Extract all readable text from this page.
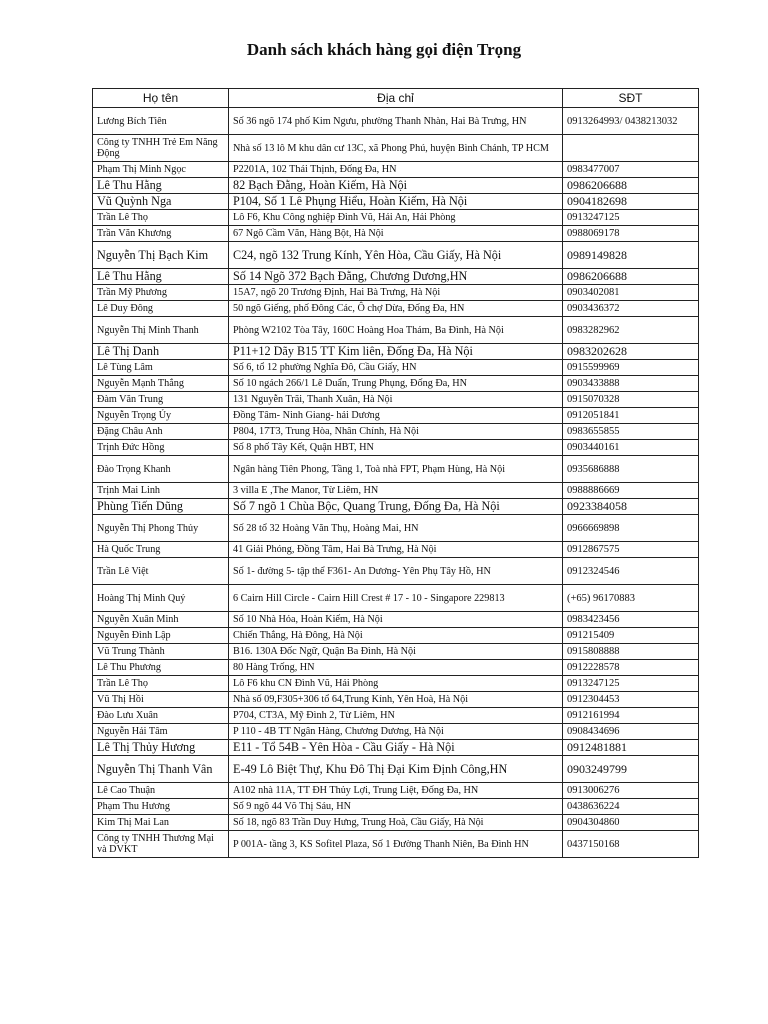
Danh sách khách hàng gọi điện Trọng
Họ tên	Địa chỉ	SĐT
Lương Bích Tiên	Số 36 ngõ 174 phố Kim Ngưu, phường Thanh Nhàn, Hai Bà Trưng, HN	0913264993/ 0438213032
Công ty TNHH Trẻ Em Năng Động	Nhà số 13 lô M khu dân cư 13C, xã Phong Phú, huyện Bình Chánh, TP HCM	
Phạm Thị Minh Ngọc	P2201A, 102 Thái Thịnh, Đống Đa, HN	0983477007
Lê Thu Hằng	82 Bạch Đằng, Hoàn Kiếm, Hà Nội	0986206688
Vũ Quỳnh Nga	P104, Số 1 Lê Phụng Hiểu, Hoàn Kiếm, Hà Nội	0904182698
Trần Lê Thọ	Lô F6, Khu Công nghiệp Đình Vũ, Hải An, Hải Phòng	0913247125
Trần Văn Khương	67 Ngõ Cầm Văn, Hàng Bột, Hà Nội	0988069178
Nguyễn Thị Bạch Kim	C24, ngõ 132 Trung Kính, Yên Hòa, Cầu Giấy, Hà Nội	0989149828
Lê Thu Hằng	Số 14 Ngõ 372 Bạch Đằng, Chương Dương,HN	0986206688
Trần Mỹ Phương	15A7, ngõ 20 Trương Định, Hai Bà Trưng, Hà Nội	0903402081
Lê Duy Đông	50 ngõ Giếng, phố Đông Các, Ô chợ Dừa, Đống Đa, HN	0903436372
Nguyễn Thị Minh Thanh	Phòng W2102 Tòa Tây, 160C Hoàng Hoa Thám, Ba Đình, Hà Nội	0983282962
Lê Thị Danh	P11+12 Dãy B15 TT Kim liên, Đống Đa, Hà Nội	0983202628
Lê Tùng Lâm	Số 6, tổ 12 phường Nghĩa Đô, Cầu Giấy, HN	0915599969
Nguyễn Mạnh Thắng	Số 10 ngách 266/1 Lê Duẩn, Trung Phụng, Đống Đa, HN	0903433888
Đàm Văn Trung	131 Nguyễn Trãi, Thanh Xuân, Hà Nội	0915070328
Nguyễn Trọng Ủy	Đồng Tâm- Ninh Giang- hải Dương	0912051841
Đặng Châu Anh	P804, 17T3, Trung Hòa, Nhân Chính, Hà Nội	0983655855
Trịnh Đức Hồng	Số 8 phố Tây Kết, Quận HBT, HN	0903440161
Đào Trọng Khanh	Ngân hàng Tiên Phong, Tầng 1, Toà nhà FPT, Phạm Hùng, Hà Nội	0935686888
Trịnh Mai Linh	3 villa E ,The Manor, Từ Liêm, HN	0988886669
Phùng Tiến Dũng	Số 7 ngõ 1 Chùa Bộc, Quang Trung, Đống Đa, Hà Nội	0923384058
Nguyễn Thị Phong Thủy	Số 28 tổ 32 Hoàng Văn Thụ, Hoàng Mai, HN	0966669898
Hà Quốc Trung	41 Giải Phóng, Đồng Tâm, Hai Bà Trưng, Hà Nội	0912867575
Trần Lê Việt	Số 1- đường 5- tập thể F361- An Dương- Yên Phụ Tây Hồ, HN	0912324546
Hoàng Thị Minh Quý	6 Cairn Hill Circle - Cairn Hill Crest # 17 - 10 - Singapore 229813	(+65) 96170883
Nguyễn Xuân Minh	Số 10 Nhà Hỏa, Hoàn Kiếm, Hà Nội	0983423456
Nguyễn Đình Lập	Chiến Thắng, Hà Đông, Hà Nội	091215409
Vũ Trung Thành	B16. 130A Đốc Ngữ, Quận Ba Đình, Hà Nội	0915808888
Lê Thu Phương	80 Hàng Trống, HN	0912228578
Trần Lê Thọ	Lô F6 khu CN Đình Vũ, Hải Phòng	0913247125
Vũ Thị Hồi	Nhà số 09,F305+306 tổ 64,Trung Kính, Yên Hoà, Hà Nội	0912304453
Đào Lưu Xuân	P704, CT3A, Mỹ Đình 2, Từ Liêm, HN	0912161994
Nguyễn Hải Tâm	P 110 - 4B TT Ngân Hàng, Chương Dương, Hà Nội	0908434696
Lê Thị Thủy Hương	E11 - Tổ 54B - Yên Hòa - Cầu Giấy - Hà Nội	0912481881
Nguyễn Thị Thanh Vân	E-49 Lô Biệt Thự, Khu Đô Thị Đại Kim Định Công,HN	0903249799
Lê Cao Thuận	A102 nhà 11A, TT ĐH Thủy Lợi, Trung Liệt, Đống Đa, HN	0913006276
Phạm Thu Hương	Số 9 ngõ 44 Võ Thị Sáu, HN	0438636224
Kim Thị Mai Lan	Số 18, ngõ 83 Trần Duy Hưng, Trung Hoà, Cầu Giấy, Hà Nội	0904304860
Công ty TNHH Thương Mại và DVKT	P 001A- tầng 3, KS Sofitel Plaza, Số 1 Đường Thanh Niên, Ba Đình HN	0437150168
